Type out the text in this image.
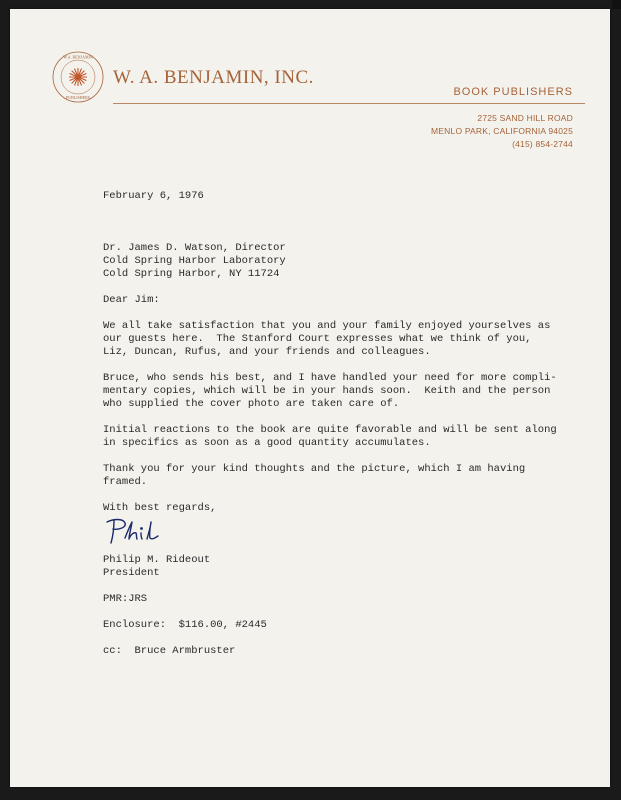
W.A. BENJAMIN
PUBLISHERS
W. A. BENJAMIN, INC.
BOOK PUBLISHERS
2725 SAND HILL ROAD
MENLO PARK, CALIFORNIA 94025
(415) 854-2744
February 6, 1976
Dr. James D. Watson, Director
Cold Spring Harbor Laboratory
Cold Spring Harbor, NY 11724
Dear Jim:
We all take satisfaction that you and your family enjoyed yourselves as
our guests here.  The Stanford Court expresses what we think of you,
Liz, Duncan, Rufus, and your friends and colleagues.
Bruce, who sends his best, and I have handled your need for more compli-
mentary copies, which will be in your hands soon.  Keith and the person
who supplied the cover photo are taken care of.
Initial reactions to the book are quite favorable and will be sent along
in specifics as soon as a good quantity accumulates.
Thank you for your kind thoughts and the picture, which I am having
framed.
With best regards,
Philip M. Rideout
President
PMR:JRS
Enclosure:  $116.00, #2445
cc:  Bruce Armbruster
